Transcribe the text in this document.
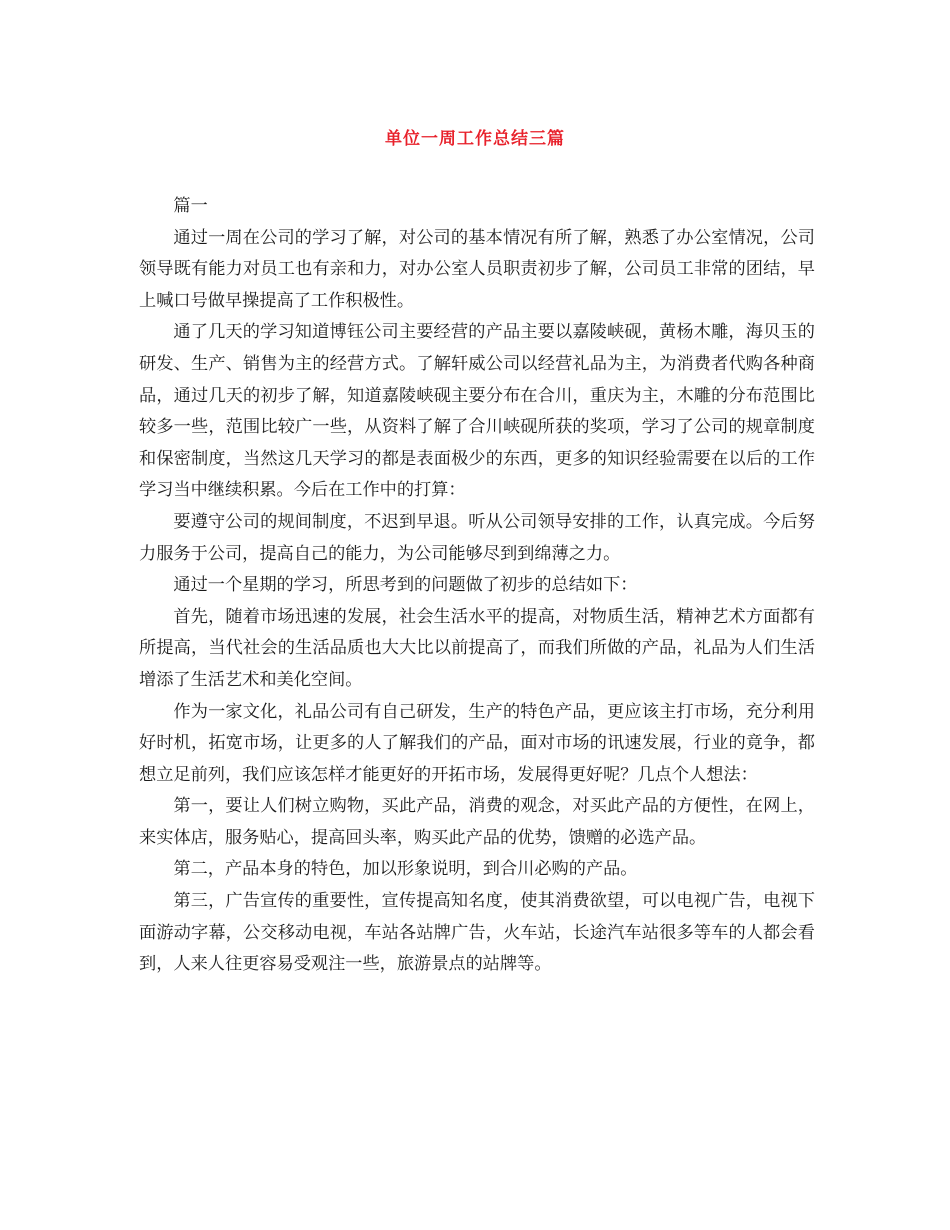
单位一周工作总结三篇

篇一

通过一周在公司的学习了解，对公司的基本情况有所了解，熟悉了办公室情况，公司领导既有能力对员工也有亲和力，对办公室人员职责初步了解，公司员工非常的团结，早上喊口号做早操提高了工作积极性。

通了几天的学习知道博钰公司主要经营的产品主要以嘉陵峡砚，黄杨木雕，海贝玉的研发、生产、销售为主的经营方式。了解轩威公司以经营礼品为主，为消费者代购各种商品，通过几天的初步了解，知道嘉陵峡砚主要分布在合川，重庆为主，木雕的分布范围比较多一些，范围比较广一些，从资料了解了合川峡砚所获的奖项，学习了公司的规章制度和保密制度，当然这几天学习的都是表面极少的东西，更多的知识经验需要在以后的工作学习当中继续积累。今后在工作中的打算：

要遵守公司的规间制度，不迟到早退。听从公司领导安排的工作，认真完成。今后努力服务于公司，提高自己的能力，为公司能够尽到到绵薄之力。

通过一个星期的学习，所思考到的问题做了初步的总结如下：

首先，随着市场迅速的发展，社会生活水平的提高，对物质生活，精神艺术方面都有所提高，当代社会的生活品质也大大比以前提高了，而我们所做的产品，礼品为人们生活增添了生活艺术和美化空间。

作为一家文化，礼品公司有自己研发，生产的特色产品，更应该主打市场，充分利用好时机，拓宽市场，让更多的人了解我们的产品，面对市场的讯速发展，行业的竟争，都想立足前列，我们应该怎样才能更好的开拓市场，发展得更好呢？几点个人想法：

第一，要让人们树立购物，买此产品，消费的观念，对买此产品的方便性，在网上，来实体店，服务贴心，提高回头率，购买此产品的优势，馈赠的必选产品。

第二，产品本身的特色，加以形象说明，到合川必购的产品。

第三，广告宣传的重要性，宣传提高知名度，使其消费欲望，可以电视广告，电视下面游动字幕，公交移动电视，车站各站牌广告，火车站，长途汽车站很多等车的人都会看到，人来人往更容易受观注一些，旅游景点的站牌等。
